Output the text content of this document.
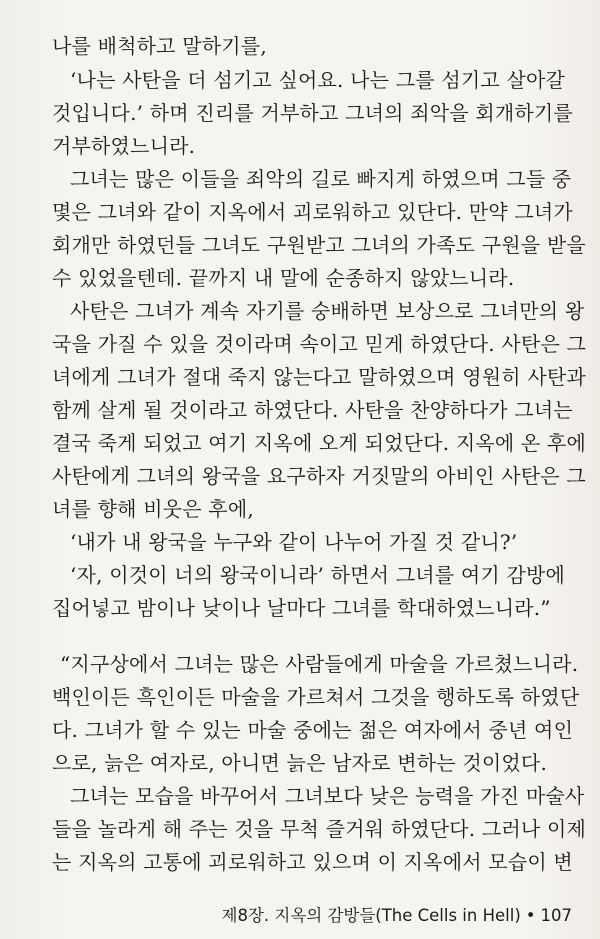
나를 배척하고 말하기를,
‘나는 사탄을 더 섬기고 싶어요. 나는 그를 섬기고 살아갈
것입니다.’ 하며 진리를 거부하고 그녀의 죄악을 회개하기를
거부하였느니라.
그녀는 많은 이들을 죄악의 길로 빠지게 하였으며 그들 중
몇은 그녀와 같이 지옥에서 괴로워하고 있단다. 만약 그녀가
회개만 하였던들 그녀도 구원받고 그녀의 가족도 구원을 받을
수 있었을텐데. 끝까지 내 말에 순종하지 않았느니라.
사탄은 그녀가 계속 자기를 숭배하면 보상으로 그녀만의 왕
국을 가질 수 있을 것이라며 속이고 믿게 하였단다. 사탄은 그
녀에게 그녀가 절대 죽지 않는다고 말하였으며 영원히 사탄과
함께 살게 될 것이라고 하였단다. 사탄을 찬양하다가 그녀는
결국 죽게 되었고 여기 지옥에 오게 되었단다. 지옥에 온 후에
사탄에게 그녀의 왕국을 요구하자 거짓말의 아비인 사탄은 그
녀를 향해 비웃은 후에,
‘내가 내 왕국을 누구와 같이 나누어 가질 것 같니?’
‘자, 이것이 너의 왕국이니라’ 하면서 그녀를 여기 감방에
집어넣고 밤이나 낮이나 날마다 그녀를 학대하였느니라.”
“지구상에서 그녀는 많은 사람들에게 마술을 가르쳤느니라.
백인이든 흑인이든 마술을 가르쳐서 그것을 행하도록 하였단
다. 그녀가 할 수 있는 마술 중에는 젊은 여자에서 중년 여인
으로, 늙은 여자로, 아니면 늙은 남자로 변하는 것이었다.
그녀는 모습을 바꾸어서 그녀보다 낮은 능력을 가진 마술사
들을 놀라게 해 주는 것을 무척 즐거워 하였단다. 그러나 이제
는 지옥의 고통에 괴로워하고 있으며 이 지옥에서 모습이 변
제8장. 지옥의 감방들(The Cells in Hell) • 107
